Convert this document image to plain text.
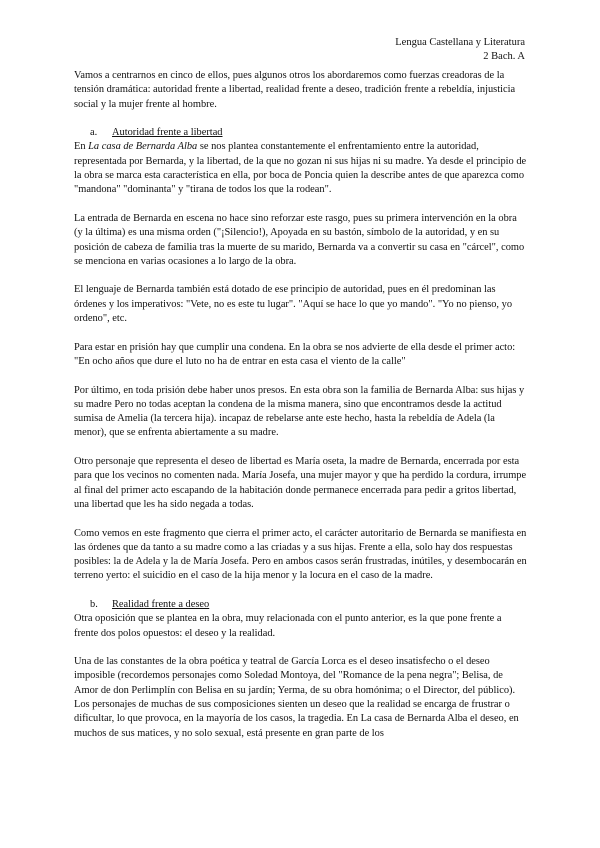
Lengua Castellana y Literatura
2 Bach. A

Vamos a centrarnos en cinco de ellos, pues algunos otros los abordaremos como fuerzas creadoras de la tensión dramática: autoridad frente a libertad, realidad frente a deseo, tradición frente a rebeldía, injusticia social y la mujer frente al hombre.

a. Autoridad frente a libertad

En La casa de Bernarda Alba se nos plantea constantemente el enfrentamiento entre la autoridad, representada por Bernarda, y la libertad, de la que no gozan ni sus hijas ni su madre. Ya desde el principio de la obra se marca esta característica en ella, por boca de Poncia quien la describe antes de que aparezca como "mandona" "dominanta" y "tirana de todos los que la rodean".

La entrada de Bernarda en escena no hace sino reforzar este rasgo, pues su primera intervención en la obra (y la última) es una misma orden ("¡Silencio!), Apoyada en su bastón, símbolo de la autoridad, y en su posición de cabeza de familia tras la muerte de su marido, Bernarda va a convertir su casa en "cárcel", como se menciona en varias ocasiones a lo largo de la obra.

El lenguaje de Bernarda también está dotado de ese principio de autoridad, pues en él predominan las órdenes y los imperativos: "Vete, no es este tu lugar". "Aquí se hace lo que yo mando". "Yo no pienso, yo ordeno", etc.

Para estar en prisión hay que cumplir una condena. En la obra se nos advierte de ella desde el primer acto: "En ocho años que dure el luto no ha de entrar en esta casa el viento de la calle"

Por último, en toda prisión debe haber unos presos. En esta obra son la familia de Bernarda Alba: sus hijas y su madre Pero no todas aceptan la condena de la misma manera, sino que encontramos desde la actitud sumisa de Amelia (la tercera hija). incapaz de rebelarse ante este hecho, hasta la rebeldía de Adela (la menor), que se enfrenta abiertamente a su madre.

Otro personaje que representa el deseo de libertad es María oseta, la madre de Bernarda, encerrada por esta para que los vecinos no comenten nada. María Josefa, una mujer mayor y que ha perdido la cordura, irrumpe al final del primer acto escapando de la habitación donde permanece encerrada para pedir a gritos libertad, una libertad que les ha sido negada a todas.

Como vemos en este fragmento que cierra el primer acto, el carácter autoritario de Bernarda se manifiesta en las órdenes que da tanto a su madre como a las criadas y a sus hijas. Frente a ella, solo hay dos respuestas posibles: la de Adela y la de María Josefa. Pero en ambos casos serán frustradas, inútiles, y desembocarán en terreno yerto: el suicidio en el caso de la hija menor y la locura en el caso de la madre.

b. Realidad frente a deseo

Otra oposición que se plantea en la obra, muy relacionada con el punto anterior, es la que pone frente a frente dos polos opuestos: el deseo y la realidad.

Una de las constantes de la obra poética y teatral de García Lorca es el deseo insatisfecho o el deseo imposible (recordemos personajes como Soledad Montoya, del "Romance de la pena negra"; Belisa, de Amor de don Perlimplín con Belisa en su jardín; Yerma, de su obra homónima; o el Director, del público). Los personajes de muchas de sus composiciones sienten un deseo que la realidad se encarga de frustrar o dificultar, lo que provoca, en la mayoría de los casos, la tragedia. En La casa de Bernarda Alba el deseo, en muchos de sus matices, y no solo sexual, está presente en gran parte de los
